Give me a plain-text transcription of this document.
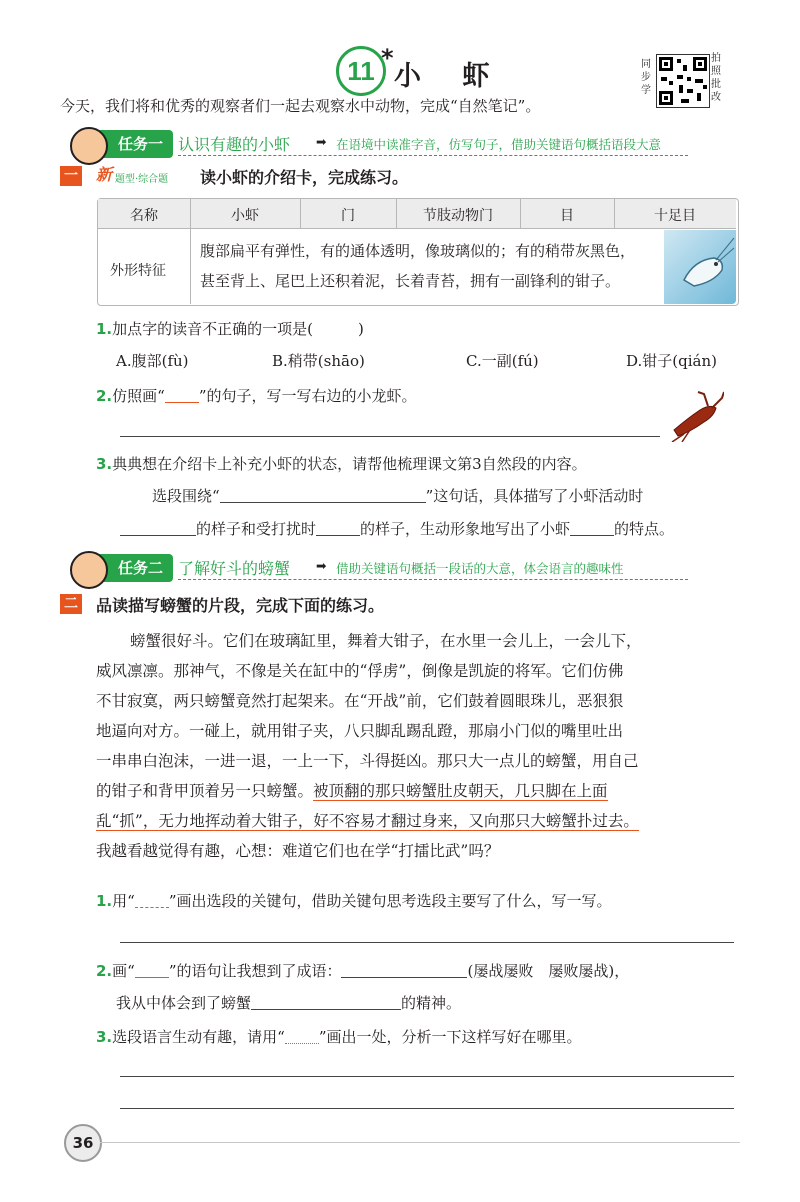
11 *
小 虾	同步学
拍照批改
今天，我们将和优秀的观察者们一起去观察水中动物，完成“自然笔记”。
任务一 认识有趣的小虾 ➡ 在语境中读准字音，仿写句子，借助关键语句概括语段大意
一 新 题型·综合题 读小虾的介绍卡，完成练习。
名称	小虾	门	节肢动物门	目	十足目
外形特征
腹部扁平有弹性，有的通体透明，像玻璃似的；有的稍带灰黑色，
甚至背上、尾巴上还积着泥，长着青苔，拥有一副锋利的钳子。
1.加点字的读音不正确的一项是(　　　)
A.腹部(fù)	B.稍带(shāo)	C.一副(fú)	D.钳子(qián)
2.仿照画“ ”的句子，写一写右边的小龙虾。
3.典典想在介绍卡上补充小虾的状态，请帮他梳理课文第3自然段的内容。
选段围绕“	”这句话，具体描写了小虾活动时
的样子和受打扰时	的样子，生动形象地写出了小虾	的特点。
任务二 了解好斗的螃蟹 ➡ 借助关键语句概括一段话的大意，体会语言的趣味性
二 品读描写螃蟹的片段，完成下面的练习。
螃蟹很好斗。它们在玻璃缸里，舞着大钳子，在水里一会儿上，一会儿下，
威风凛凛。那神气，不像是关在缸中的“俘虏”，倒像是凯旋的将军。它们仿佛
不甘寂寞，两只螃蟹竟然打起架来。在“开战”前，它们鼓着圆眼珠儿，恶狠狠
地逼向对方。一碰上，就用钳子夹，八只脚乱踢乱蹬，那扇小门似的嘴里吐出
一串串白泡沫，一进一退，一上一下，斗得挺凶。那只大一点儿的螃蟹，用自己
的钳子和背甲顶着另一只螃蟹。被顶翻的那只螃蟹肚皮朝天，几只脚在上面
乱“抓”，无力地挥动着大钳子，好不容易才翻过身来，又向那只大螃蟹扑过去。
我越看越觉得有趣，心想：难道它们也在学“打擂比武”吗？
1.用“ ”画出选段的关键句，借助关键句思考选段主要写了什么，写一写。
2.画“ ”的语句让我想到了成语：	(屡战屡败　屡败屡战)，
我从中体会到了螃蟹	的精神。
3.选段语言生动有趣，请用“ ”画出一处，分析一下这样写好在哪里。
36
